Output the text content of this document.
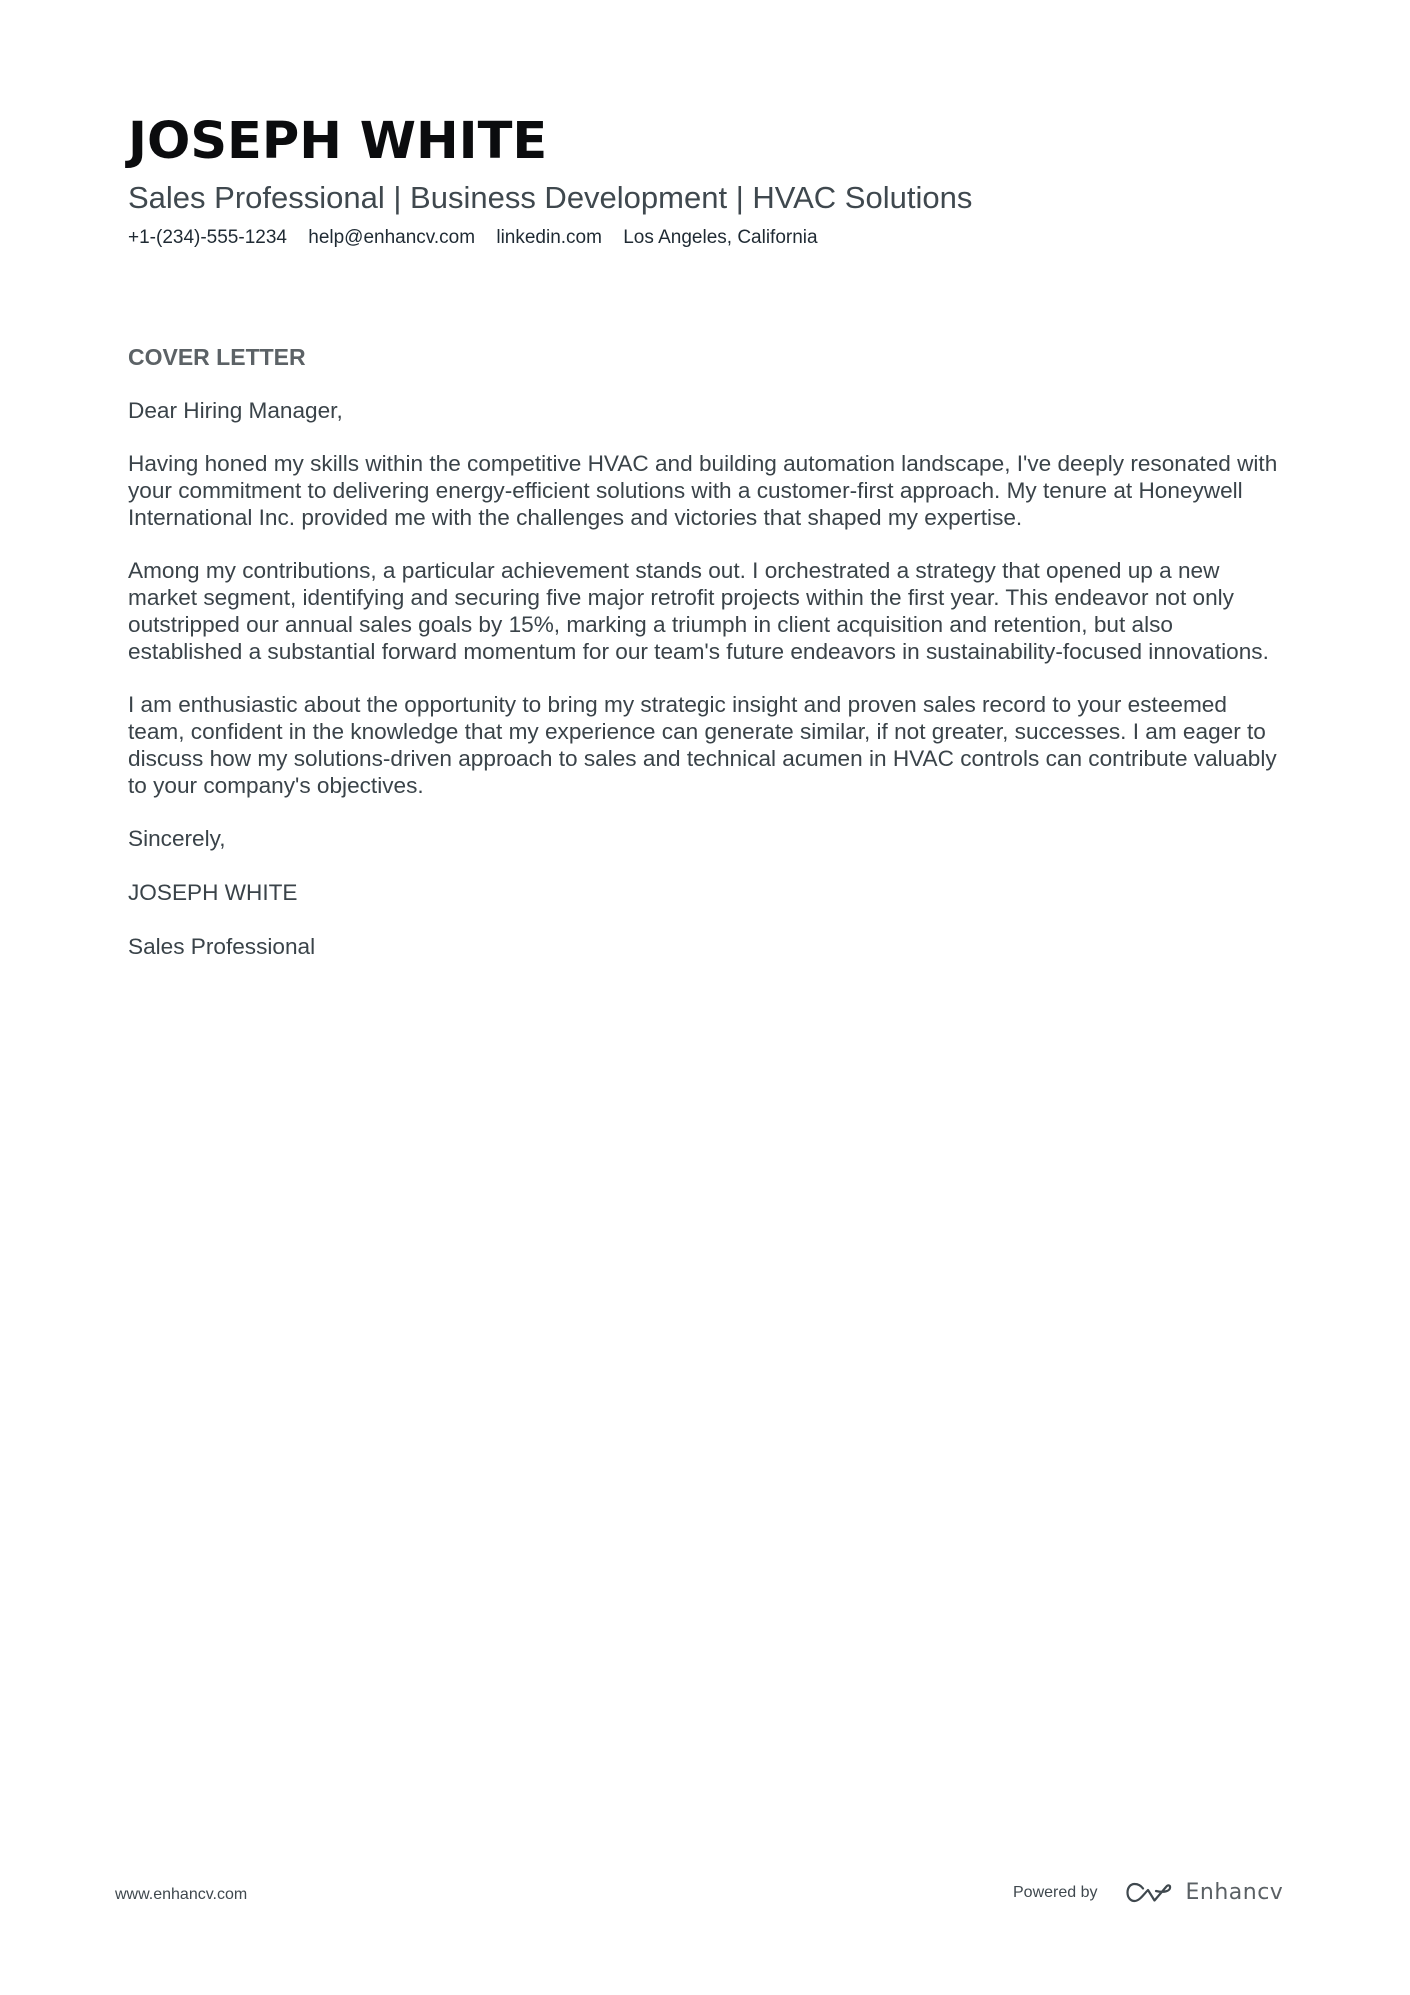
JOSEPH WHITE
Sales Professional | Business Development | HVAC Solutions
+1-(234)-555-1234 help@enhancv.com linkedin.com Los Angeles, California
COVER LETTER

Dear Hiring Manager,

Having honed my skills within the competitive HVAC and building automation landscape, I've deeply resonated with your commitment to delivering energy-efficient solutions with a customer-first approach. My tenure at Honeywell International Inc. provided me with the challenges and victories that shaped my expertise.

Among my contributions, a particular achievement stands out. I orchestrated a strategy that opened up a new market segment, identifying and securing five major retrofit projects within the first year. This endeavor not only outstripped our annual sales goals by 15%, marking a triumph in client acquisition and retention, but also established a substantial forward momentum for our team's future endeavors in sustainability-focused innovations.

I am enthusiastic about the opportunity to bring my strategic insight and proven sales record to your esteemed team, confident in the knowledge that my experience can generate similar, if not greater, successes. I am eager to discuss how my solutions-driven approach to sales and technical acumen in HVAC controls can contribute valuably to your company's objectives.

Sincerely,

JOSEPH WHITE

Sales Professional

www.enhancv.com	Powered by	Enhancv
